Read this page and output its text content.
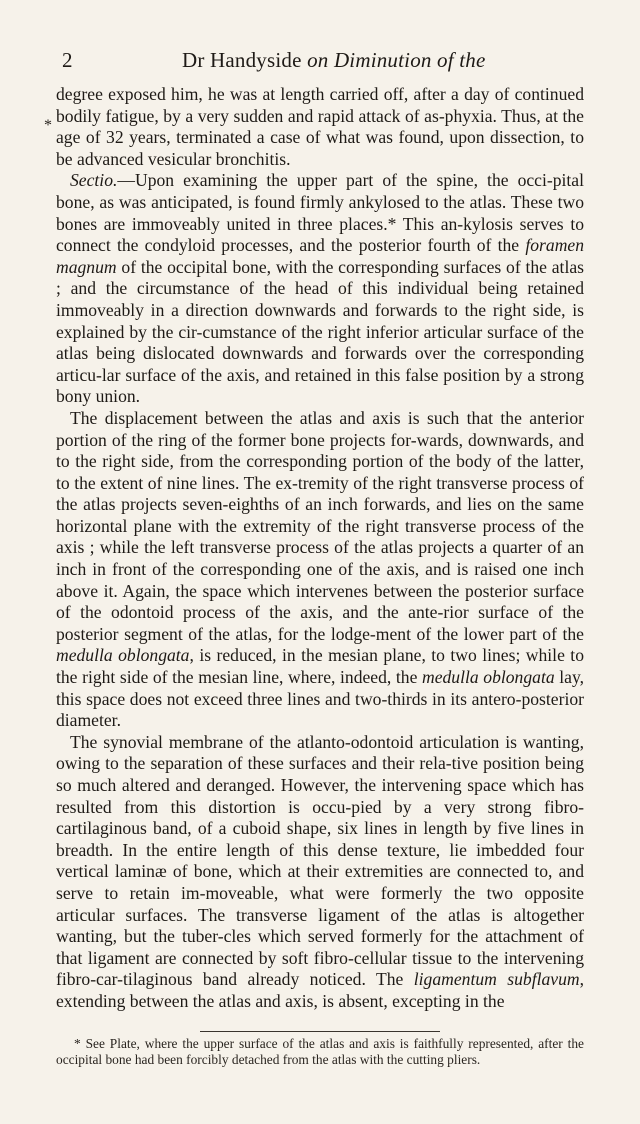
2	Dr Handyside on Diminution of the
*

degree exposed him, he was at length carried off, after a day of continued bodily fatigue, by a very sudden and rapid attack of as-phyxia. Thus, at the age of 32 years, terminated a case of what was found, upon dissection, to be advanced vesicular bronchitis.

Sectio.—Upon examining the upper part of the spine, the occi-pital bone, as was anticipated, is found firmly ankylosed to the atlas. These two bones are immoveably united in three places.* This an-kylosis serves to connect the condyloid processes, and the posterior fourth of the foramen magnum of the occipital bone, with the corresponding surfaces of the atlas ; and the circumstance of the head of this individual being retained immoveably in a direction downwards and forwards to the right side, is explained by the cir-cumstance of the right inferior articular surface of the atlas being dislocated downwards and forwards over the corresponding articu-lar surface of the axis, and retained in this false position by a strong bony union.

The displacement between the atlas and axis is such that the anterior portion of the ring of the former bone projects for-wards, downwards, and to the right side, from the corresponding portion of the body of the latter, to the extent of nine lines. The ex-tremity of the right transverse process of the atlas projects seven-eighths of an inch forwards, and lies on the same horizontal plane with the extremity of the right transverse process of the axis ; while the left transverse process of the atlas projects a quarter of an inch in front of the corresponding one of the axis, and is raised one inch above it. Again, the space which intervenes between the posterior surface of the odontoid process of the axis, and the ante-rior surface of the posterior segment of the atlas, for the lodge-ment of the lower part of the medulla oblongata, is reduced, in the mesian plane, to two lines; while to the right side of the mesian line, where, indeed, the medulla oblongata lay, this space does not exceed three lines and two-thirds in its antero-posterior diameter.

The synovial membrane of the atlanto-odontoid articulation is wanting, owing to the separation of these surfaces and their rela-tive position being so much altered and deranged. However, the intervening space which has resulted from this distortion is occu-pied by a very strong fibro-cartilaginous band, of a cuboid shape, six lines in length by five lines in breadth. In the entire length of this dense texture, lie imbedded four vertical laminæ of bone, which at their extremities are connected to, and serve to retain im-moveable, what were formerly the two opposite articular surfaces. The transverse ligament of the atlas is altogether wanting, but the tuber-cles which served formerly for the attachment of that ligament are connected by soft fibro-cellular tissue to the intervening fibro-car-tilaginous band already noticed. The ligamentum subflavum, extending between the atlas and axis, is absent, excepting in the

* See Plate, where the upper surface of the atlas and axis is faithfully represented, after the occipital bone had been forcibly detached from the atlas with the cutting pliers.
